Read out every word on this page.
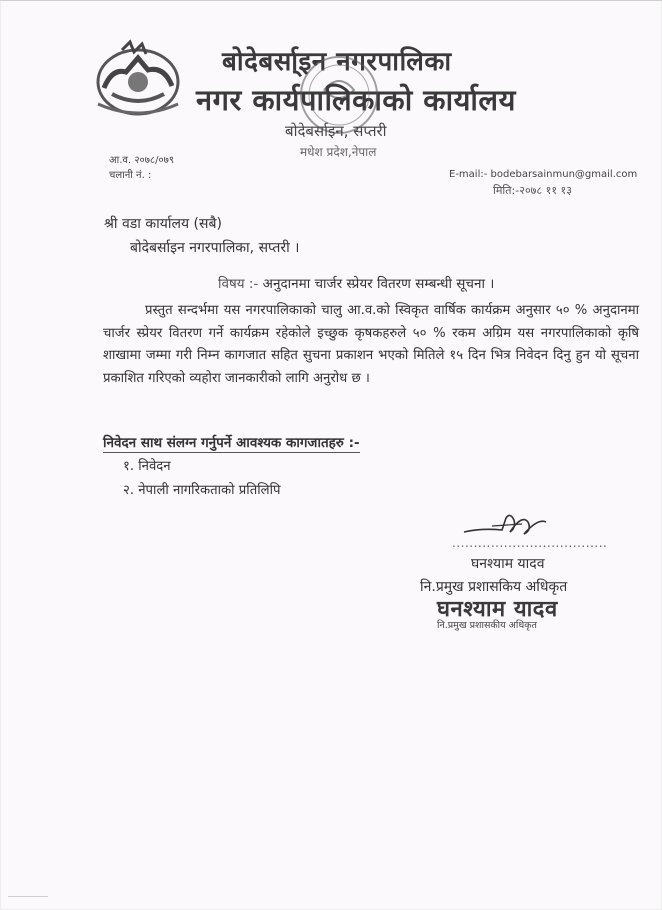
बोदेबर्सा्इन नगरपालिका
नगर कार्यपालिकाको कार्यालय
बोदेबर्साइन, सप्तरी
मधेश प्रदेश,नेपाल
आ.व. २०७८/०७९
चलानी नं. :	E-mail:- bodebarsainmun@gmail.com
मिति:-२०७८ ११ १३
श्री वडा कार्यालय (सबै)
बोदेबर्साइन नगरपालिका, सप्तरी ।
विषय :- अनुदानमा चार्जर स्प्रेयर वितरण सम्बन्धी सूचना ।
प्रस्तुत सन्दर्भमा यस नगरपालिकाको चालु आ.व.को स्विकृत वार्षिक कार्यक्रम अनुसार ५० % अनुदानमा चार्जर स्प्रेयर वितरण गर्ने कार्यक्रम रहेकोले इच्छुक कृषकहरुले ५० % रकम अग्रिम यस नगरपालिकाको कृषि शाखामा जम्मा गरी निम्न कागजात सहित सुचना प्रकाशन भएको मितिले १५ दिन भित्र निवेदन दिनु हुन यो सूचना प्रकाशित गरिएको व्यहोरा जानकारीको लागि अनुरोध छ ।
निवेदन साथ संलग्न गर्नुपर्ने आवश्यक कागजातहरु :-
१. निवेदन
२. नेपाली नागरिकताको प्रतिलिपि
....................................
घनश्याम यादव
नि.प्रमुख प्रशासकिय अधिकृत
घनश्याम यादव
नि.प्रमुख प्रशासकीय अधिकृत
